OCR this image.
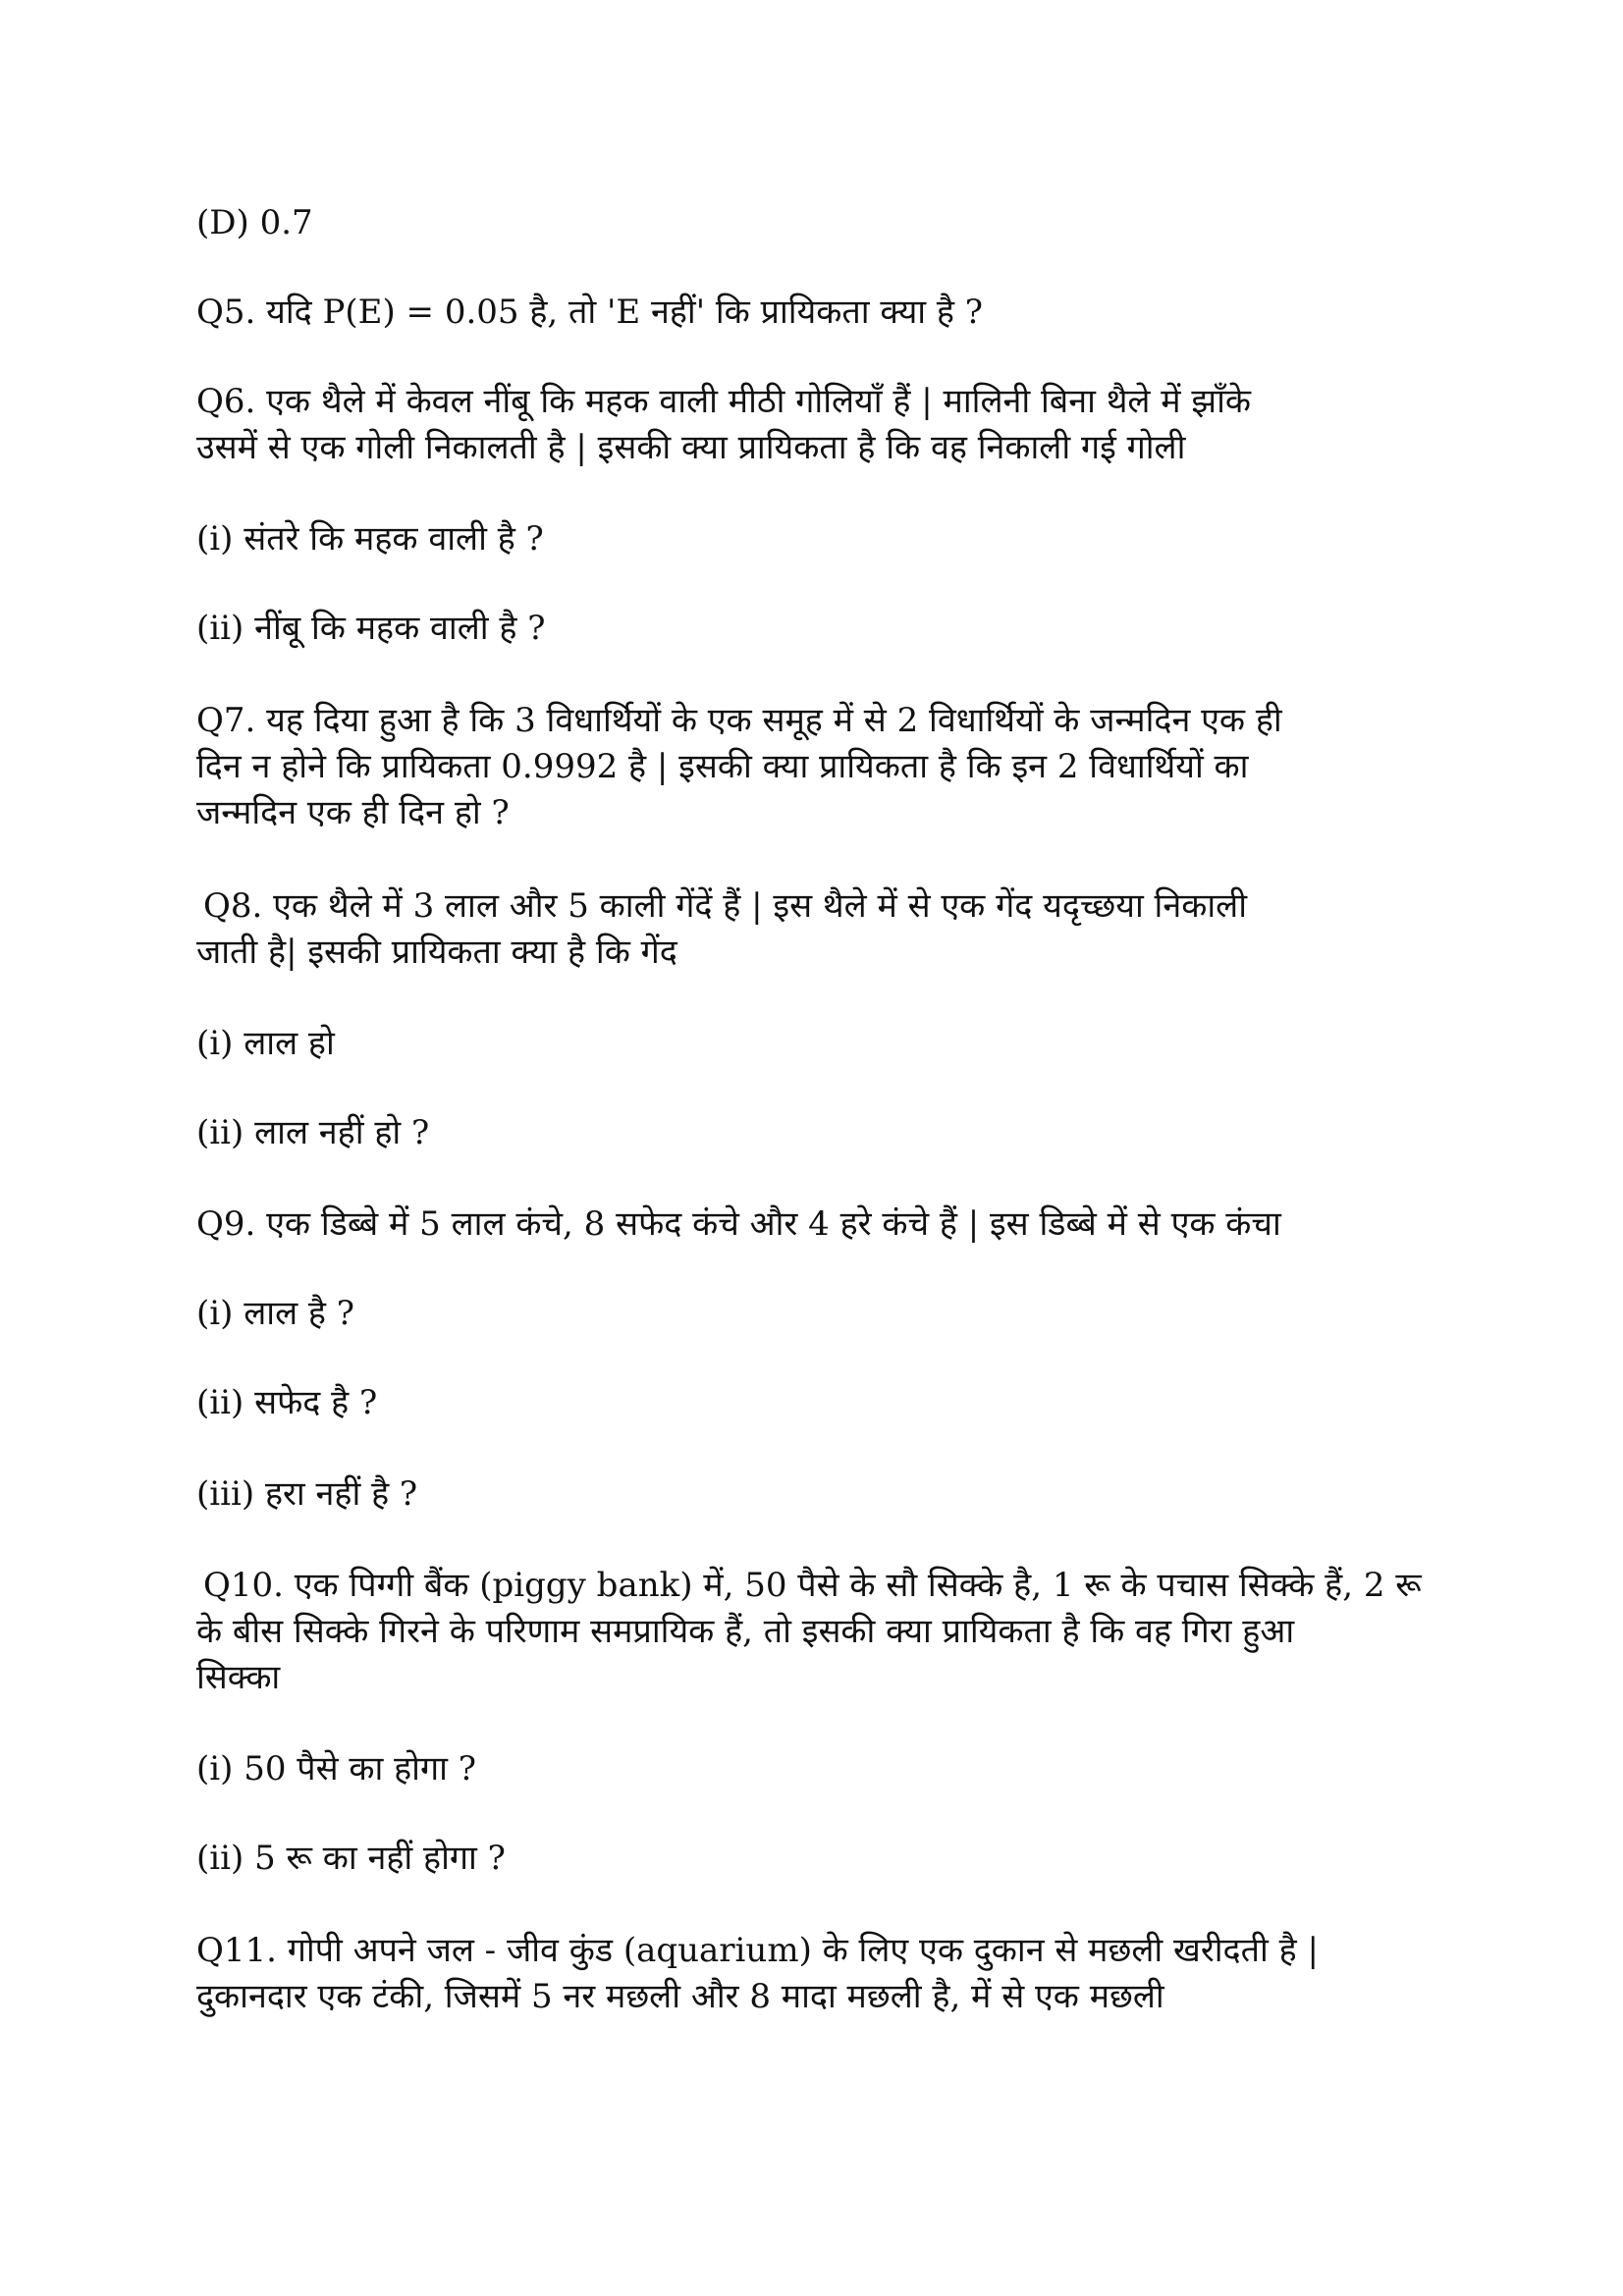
(D) 0.7

Q5. यदि P(E) = 0.05 है, तो 'E नहीं' कि प्रायिकता क्या है ?

Q6. एक थैले में केवल नींबू कि महक वाली मीठी गोलियाँ हैं | मालिनी बिना थैले में झाँके

उसमें से एक गोली निकालती है | इसकी क्या प्रायिकता है कि वह निकाली गई गोली

(i) संतरे कि महक वाली है ?

(ii) नींबू कि महक वाली है ?

Q7. यह दिया हुआ है कि 3 विधार्थियों के एक समूह में से 2 विधार्थियों के जन्मदिन एक ही

दिन न होने कि प्रायिकता 0.9992 है | इसकी क्या प्रायिकता है कि इन 2 विधार्थियों का

जन्मदिन एक ही दिन हो ?

Q8. एक थैले में 3 लाल और 5 काली गेंदें हैं | इस थैले में से एक गेंद यदृच्छया निकाली

जाती है| इसकी प्रायिकता क्या है कि गेंद

(i) लाल हो

(ii) लाल नहीं हो ?

Q9. एक डिब्बे में 5 लाल कंचे, 8 सफेद कंचे और 4 हरे कंचे हैं | इस डिब्बे में से एक कंचा

(i) लाल है ?

(ii) सफेद है ?

(iii) हरा नहीं है ?

Q10. एक पिग्गी बैंक (piggy bank) में, 50 पैसे के सौ सिक्के है, 1 रू के पचास सिक्के हैं, 2 रू

के बीस सिक्के गिरने के परिणाम समप्रायिक हैं, तो इसकी क्या प्रायिकता है कि वह गिरा हुआ

सिक्का

(i) 50 पैसे का होगा ?

(ii) 5 रू का नहीं होगा ?

Q11. गोपी अपने जल - जीव कुंड (aquarium) के लिए एक दुकान से मछली खरीदती है |

दुकानदार एक टंकी, जिसमें 5 नर मछली और 8 मादा मछली है, में से एक मछली
